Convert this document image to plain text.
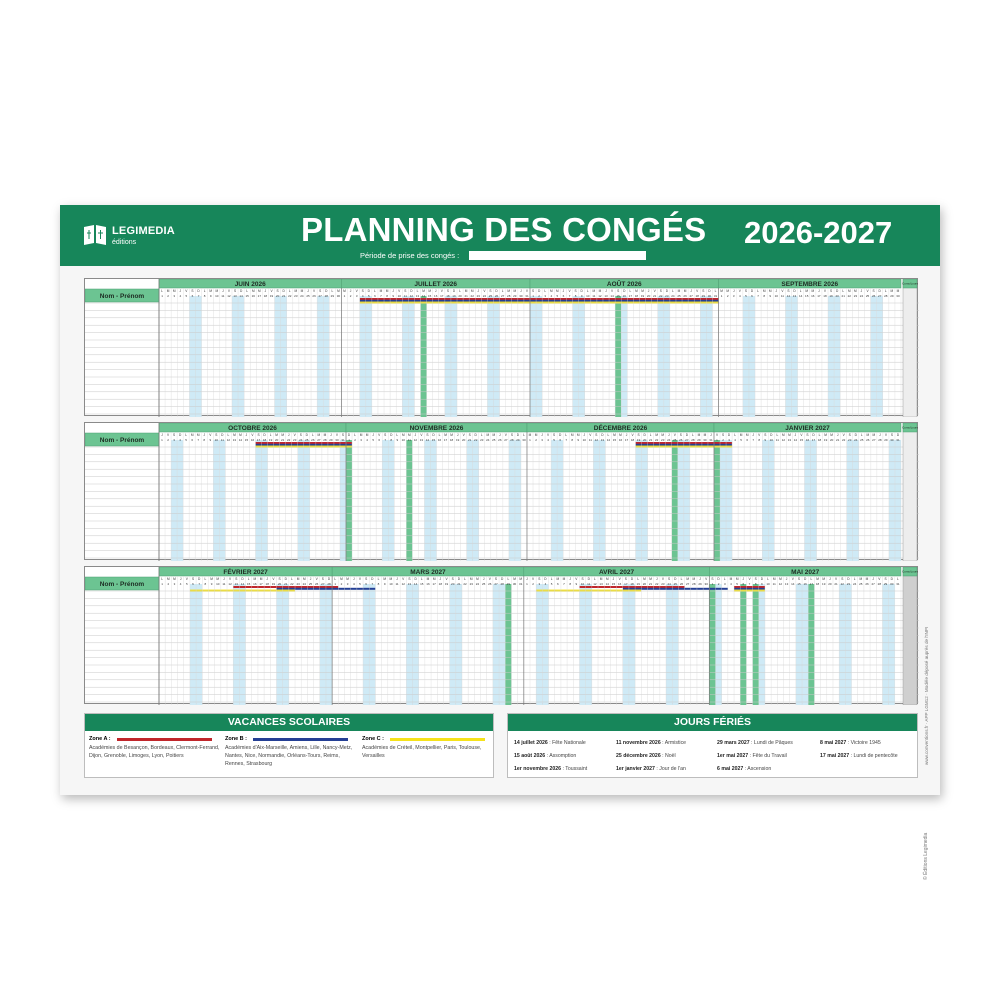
LEGIMEDIA
éditions	PLANNING DES CONGÉS 2026-2027
Période de prise des congés :
L
1
M
2
M
3
J
4
V
5
S
6
D
7
L
8
M
9
M
10
J
11
V
12
S
13
D
14
L
15
M
16
M
17
J
18
V
19
S
20
D
21
L
22
M
23
M
24
J
25
V
26
S
27
D
28
L
29
M
30
JUIN 2026
M
1
J
2
V
3
S
4
D
5
L
6
M
7
M
8
J
9
V
10
S
11
D
12
L
13
M
14
M
15
J
16
V
17
S
18
D
19
L
20
M
21
M
22
J
23
V
24
S
25
D
26
L
27
M
28
M
29
J
30
V
31
JUILLET 2026
S
1
D
2
L
3
M
4
M
5
J
6
V
7
S
8
D
9
L
10
M
11
M
12
J
13
V
14
S
15
D
16
L
17
M
18
M
19
J
20
V
21
S
22
D
23
L
24
M
25
M
26
J
27
V
28
S
29
D
30
L
31
AOÛT 2026
M
1
M
2
J
3
V
4
S
5
D
6
L
7
M
8
M
9
J
10
V
11
S
12
D
13
L
14
M
15
M
16
J
17
V
18
S
19
D
20
L
21
M
22
M
23
J
24
V
25
S
26
D
27
L
28
M
29
M
30
SEPTEMBRE 2026
Nom - Prénom
Cumul jours
J
1
V
2
S
3
D
4
L
5
M
6
M
7
J
8
V
9
S
10
D
11
L
12
M
13
M
14
J
15
V
16
S
17
D
18
L
19
M
20
M
21
J
22
V
23
S
24
D
25
L
26
M
27
M
28
J
29
V
30
S
31
OCTOBRE 2026
D
1
L
2
M
3
M
4
J
5
V
6
S
7
D
8
L
9
M
10
M
11
J
12
V
13
S
14
D
15
L
16
M
17
M
18
J
19
V
20
S
21
D
22
L
23
M
24
M
25
J
26
V
27
S
28
D
29
L
30
NOVEMBRE 2026
M
1
M
2
J
3
V
4
S
5
D
6
L
7
M
8
M
9
J
10
V
11
S
12
D
13
L
14
M
15
M
16
J
17
V
18
S
19
D
20
L
21
M
22
M
23
J
24
V
25
S
26
D
27
L
28
M
29
M
30
J
31
DÉCEMBRE 2026
V
1
S
2
D
3
L
4
M
5
M
6
J
7
V
8
S
9
D
10
L
11
M
12
M
13
J
14
V
15
S
16
D
17
L
18
M
19
M
20
J
21
V
22
S
23
D
24
L
25
M
26
M
27
J
28
V
29
S
30
D
31
JANVIER 2027
Nom - Prénom
Cumul jours
L
1
M
2
M
3
J
4
V
5
S
6
D
7
L
8
M
9
M
10
J
11
V
12
S
13
D
14
L
15
M
16
M
17
J
18
V
19
S
20
D
21
L
22
M
23
M
24
J
25
V
26
S
27
D
28
FÉVRIER 2027
L
1
M
2
M
3
J
4
V
5
S
6
D
7
L
8
M
9
M
10
J
11
V
12
S
13
D
14
L
15
M
16
M
17
J
18
V
19
S
20
D
21
L
22
M
23
M
24
J
25
V
26
S
27
D
28
L
29
M
30
M
31
MARS 2027
J
1
V
2
S
3
D
4
L
5
M
6
M
7
J
8
V
9
S
10
D
11
L
12
M
13
M
14
J
15
V
16
S
17
D
18
L
19
M
20
M
21
J
22
V
23
S
24
D
25
L
26
M
27
M
28
J
29
V
30
AVRIL 2027
S
1
D
2
L
3
M
4
M
5
J
6
V
7
S
8
D
9
L
10
M
11
M
12
J
13
V
14
S
15
D
16
L
17
M
18
M
19
J
20
V
21
S
22
D
23
L
24
M
25
M
26
J
27
V
28
S
29
D
30
L
31
MAI 2027
Nom - Prénom
Cumul jours
VACANCES SCOLAIRES
Zone A :
Académies de Besançon, Bordeaux, Clermont-Ferrand, Dijon, Grenoble, Limoges, Lyon, Poitiers
Zone B :
Académies d'Aix-Marseille, Amiens, Lille, Nancy-Metz, Nantes, Nice, Normandie, Orléans-Tours, Reims, Rennes, Strasbourg
Zone C :
Académies de Créteil, Montpellier, Paris, Toulouse, Versailles
JOURS FÉRIÉS
14 juillet 2026 : Fête Nationale
15 août 2026 : Assomption
1er novembre 2026 : Toussaint
11 novembre 2026 : Armistice
25 décembre 2026 : Noël
1er janvier 2027 : Jour de l'an
29 mars 2027 : Lundi de Pâques
1er mai 2027 : Fête du Travail
6 mai 2027 : Ascension
8 mai 2027 : Victoire 1945
17 mai 2027 : Lundi de pentecôte	www.conventions.fr · APP LGM12 · Modèle déposé auprès de l'INPI
© Éditions Legimedia
